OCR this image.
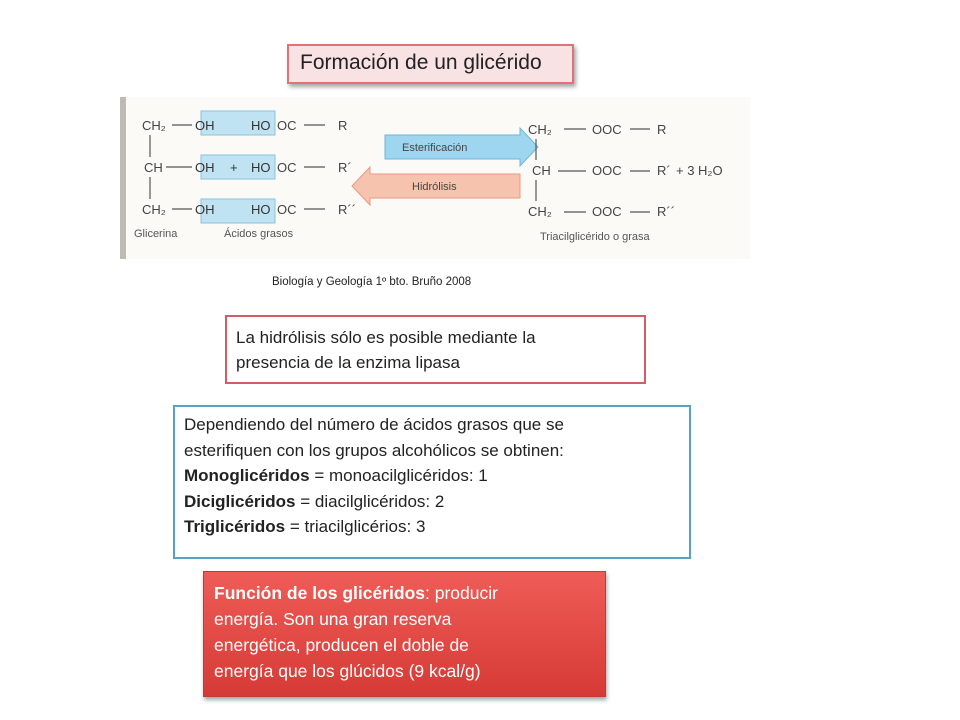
Formación de un glicérido
CH₂
CH
CH₂
OH
OH
OH
+
HO
HO
HO
OC
OC
OC
R
R´
R´´
Esterificación
Hidrólisis
CH₂
CH
CH₂
OOC
OOC
OOC
R
R´
R´´
+ 3 H₂O
Glicerina	Ácidos grasos	Triacilglicérido o grasa
Biología y Geología 1º bto. Bruño 2008
La hidrólisis sólo es posible mediante la
presencia de la enzima lipasa
Dependiendo del número de ácidos grasos que se
esterifiquen con los grupos alcohólicos se obtinen:
Monoglicéridos = monoacilglicéridos: 1
Diciglicéridos = diacilglicéridos: 2
Triglicéridos = triacilglicérios: 3
Función de los glicéridos: producir
energía. Son una gran reserva
energética, producen el doble de
energía que los glúcidos (9 kcal/g)
